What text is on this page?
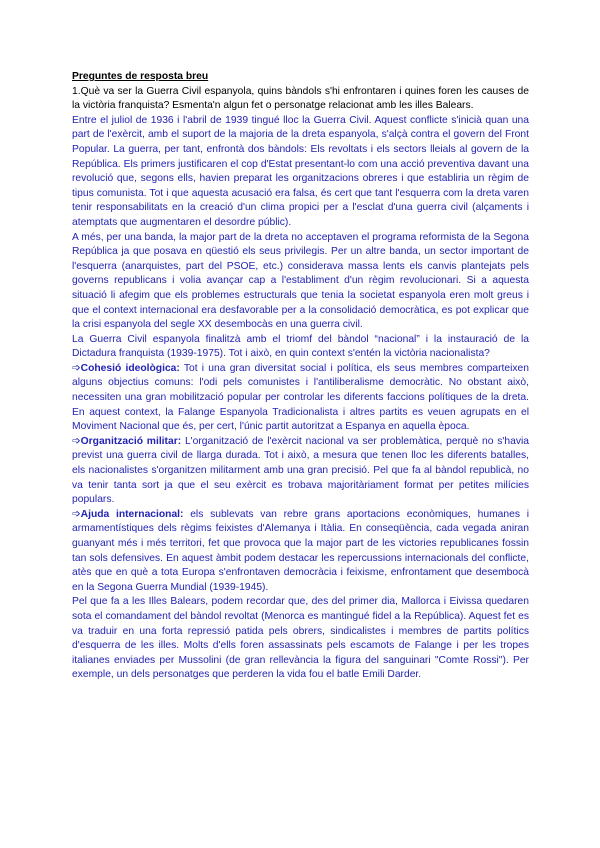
Preguntes de resposta breu
1.Què va ser la Guerra Civil espanyola, quins bàndols s'hi enfrontaren i quines foren les causes de la victòria franquista? Esmenta'n algun fet o personatge relacionat amb les illes Balears.

Entre el juliol de 1936 i l'abril de 1939 tingué lloc la Guerra Civil. Aquest conflicte s'inicià quan una part de l'exèrcit, amb el suport de la majoria de la dreta espanyola, s'alçà contra el govern del Front Popular. La guerra, per tant, enfrontà dos bàndols: Els revoltats i els sectors lleials al govern de la República. Els primers justificaren el cop d'Estat presentant-lo com una acció preventiva davant una revolució que, segons ells, havien preparat les organitzacions obreres i que establiria un règim de tipus comunista. Tot i que aquesta acusació era falsa, és cert que tant l'esquerra com la dreta varen tenir responsabilitats en la creació d'un clima propici per a l'esclat d'una guerra civil (alçaments i atemptats que augmentaren el desordre públic).

A més, per una banda, la major part de la dreta no acceptaven el programa reformista de la Segona República ja que posava en qüestió els seus privilegis. Per un altre banda, un sector important de l'esquerra (anarquistes, part del PSOE, etc.) considerava massa lents els canvis plantejats pels governs republicans i volia avançar cap a l'establiment d'un règim revolucionari. Si a aquesta situació li afegim que els problemes estructurals que tenia la societat espanyola eren molt greus i que el context internacional era desfavorable per a la consolidació democràtica, es pot explicar que la crisi espanyola del segle XX desembocàs en una guerra civil.

La Guerra Civil espanyola finalitzà amb el triomf del bàndol “nacional” i la instauració de la Dictadura franquista (1939-1975). Tot i això, en quin context s'entén la victòria nacionalista?

➩Cohesió ideològica: Tot i una gran diversitat social i política, els seus membres comparteixen alguns objectius comuns: l'odi pels comunistes i l'antiliberalisme democràtic. No obstant això, necessiten una gran mobilització popular per controlar les diferents faccions polítiques de la dreta. En aquest context, la Falange Espanyola Tradicionalista i altres partits es veuen agrupats en el Moviment Nacional que és, per cert, l'únic partit autoritzat a Espanya en aquella època.

➩Organització militar: L'organització de l'exèrcit nacional va ser problemàtica, perquè no s'havia previst una guerra civil de llarga durada. Tot i això, a mesura que tenen lloc les diferents batalles, els nacionalistes s'organitzen militarment amb una gran precisió. Pel que fa al bàndol republicà, no va tenir tanta sort ja que el seu exèrcit es trobava majoritàriament format per petites milícies populars.

➩Ajuda internacional: els sublevats van rebre grans aportacions econòmiques, humanes i armamentístiques dels règims feixistes d'Alemanya i Itàlia. En conseqüència, cada vegada aniran guanyant més i més territori, fet que provoca que la major part de les victories republicanes fossin tan sols defensives. En aquest àmbit podem destacar les repercussions internacionals del conflicte, atès que en què a tota Europa s'enfrontaven democràcia i feixisme, enfrontament que desembocà en la Segona Guerra Mundial (1939-1945).

Pel que fa a les Illes Balears, podem recordar que, des del primer dia, Mallorca i Eivissa quedaren sota el comandament del bàndol revoltat (Menorca es mantingué fidel a la República). Aquest fet es va traduir en una forta repressió patida pels obrers, sindicalistes i membres de partits polítics d'esquerra de les illes. Molts d'ells foren assassinats pels escamots de Falange i per les tropes italianes enviades per Mussolini (de gran rellevància la figura del sanguinari "Comte Rossi"). Per exemple, un dels personatges que perderen la vida fou el batle Emili Darder.
